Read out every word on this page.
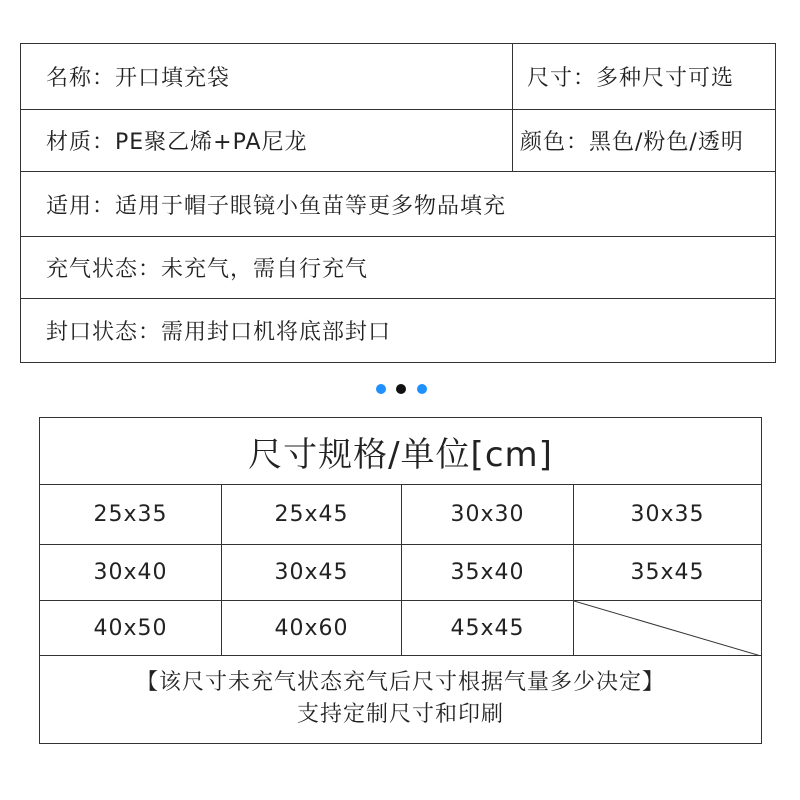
名称：开口填充袋	尺寸：多种尺寸可选
材质：PE聚乙烯+PA尼龙	颜色：黑色/粉色/透明
适用：适用于帽子眼镜小鱼苗等更多物品填充
充气状态：未充气，需自行充气
封口状态：需用封口机将底部封口
尺寸规格/单位[cm]
25x35	25x45	30x30	30x35
30x40	30x45	35x40	35x45
40x50	40x60	45x45
【该尺寸未充气状态充气后尺寸根据气量多少决定】
支持定制尺寸和印刷
